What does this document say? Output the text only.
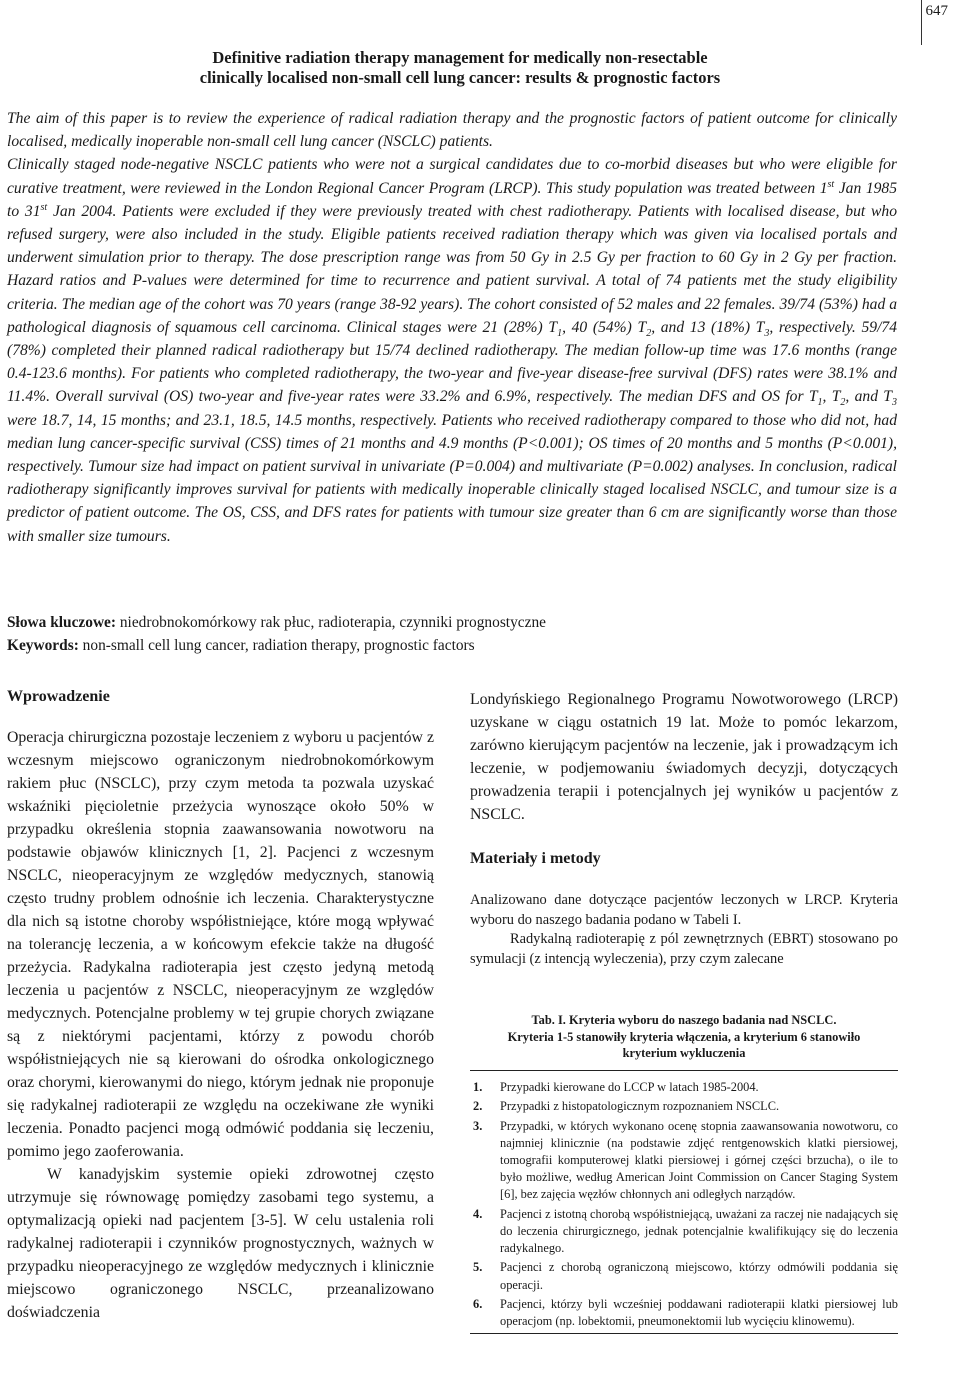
647
Definitive radiation therapy management for medically non-resectable
clinically localised non-small cell lung cancer: results & prognostic factors
The aim of this paper is to review the experience of radical radiation therapy and the prognostic factors of patient outcome for clinically localised, medically inoperable non-small cell lung cancer (NSCLC) patients.
Clinically staged node-negative NSCLC patients who were not a surgical candidates due to co-morbid diseases but who were eligible for curative treatment, were reviewed in the London Regional Cancer Program (LRCP). This study population was treated between 1st Jan 1985 to 31st Jan 2004. Patients were excluded if they were previously treated with chest radiotherapy. Patients with localised disease, but who refused surgery, were also included in the study. Eligible patients received radiation therapy which was given via localised portals and underwent simulation prior to therapy. The dose prescription range was from 50 Gy in 2.5 Gy per fraction to 60 Gy in 2 Gy per fraction. Hazard ratios and P-values were determined for time to recurrence and patient survival. A total of 74 patients met the study eligibility criteria. The median age of the cohort was 70 years (range 38-92 years). The cohort consisted of 52 males and 22 females. 39/74 (53%) had a pathological diagnosis of squamous cell carcinoma. Clinical stages were 21 (28%) $T_1$, 40 (54%) $T_2$, and 13 (18%) $T_3$, respectively. 59/74 (78%) completed their planned radical radiotherapy but 15/74 declined radiotherapy. The median follow-up time was 17.6 months (range 0.4-123.6 months). For patients who completed radiotherapy, the two-year and five-year disease-free survival (DFS) rates were 38.1% and 11.4%. Overall survival (OS) two-year and five-year rates were 33.2% and 6.9%, respectively. The median DFS and OS for $T_1$, $T_2$, and $T_3$ were 18.7, 14, 15 months; and 23.1, 18.5, 14.5 months, respectively. Patients who received radiotherapy compared to those who did not, had median lung cancer-specific survival (CSS) times of 21 months and 4.9 months (P<0.001); OS times of 20 months and 5 months (P<0.001), respectively. Tumour size had impact on patient survival in univariate (P=0.004) and multivariate (P=0.002) analyses. In conclusion, radical radiotherapy significantly improves survival for patients with medically inoperable clinically staged localised NSCLC, and tumour size is a predictor of patient outcome. The OS, CSS, and DFS rates for patients with tumour size greater than 6 cm are significantly worse than those with smaller size tumours.
Słowa kluczowe: niedrobnokomórkowy rak płuc, radioterapia, czynniki prognostyczne
Keywords: non-small cell lung cancer, radiation therapy, prognostic factors
Wprowadzenie

Operacja chirurgiczna pozostaje leczeniem z wyboru u pacjentów z wczesnym miejscowo ograniczonym niedrobnokomórkowym rakiem płuc (NSCLC), przy czym metoda ta pozwala uzyskać wskaźniki pięcioletnie przeżycia wynoszące około 50% w przypadku określenia stopnia zaawansowania nowotworu na podstawie objawów klinicznych [1, 2]. Pacjenci z wczesnym NSCLC, nieoperacyjnym ze względów medycznych, stanowią często trudny problem odnośnie ich leczenia. Charakterystyczne dla nich są istotne choroby współistniejące, które mogą wpływać na tolerancję leczenia, a w końcowym efekcie także na długość przeżycia. Radykalna radioterapia jest często jedyną metodą leczenia u pacjentów z NSCLC, nieoperacyjnym ze względów medycznych. Potencjalne problemy w tej grupie chorych związane są z niektórymi pacjentami, którzy z powodu chorób współistniejących nie są kierowani do ośrodka onkologicznego oraz chorymi, kierowanymi do niego, którym jednak nie proponuje się radykalnej radioterapii ze względu na oczekiwane złe wyniki leczenia. Ponadto pacjenci mogą odmówić poddania się leczeniu, pomimo jego zaoferowania.

W kanadyjskim systemie opieki zdrowotnej często utrzymuje się równowagę pomiędzy zasobami tego systemu, a optymalizacją opieki nad pacjentem [3-5]. W celu ustalenia roli radykalnej radioterapii i czynników prognostycznych, ważnych w przypadku nieoperacyjnego ze względów medycznych i klinicznie miejscowo ograniczonego NSCLC, przeanalizowano doświadczenia

Londyńskiego Regionalnego Programu Nowotworowego (LRCP) uzyskane w ciągu ostatnich 19 lat. Może to pomóc lekarzom, zarówno kierującym pacjentów na leczenie, jak i prowadzącym ich leczenie, w podjemowaniu świadomych decyzji, dotyczących prowadzenia terapii i potencjalnych jej wyników u pacjentów z NSCLC.

Materiały i metody

Analizowano dane dotyczące pacjentów leczonych w LRCP. Kryteria wyboru do naszego badania podano w Tabeli I.

Radykalną radioterapię z pól zewnętrznych (EBRT) stosowano po symulacji (z intencją wyleczenia), przy czym zalecane

Tab. I. Kryteria wyboru do naszego badania nad NSCLC.

Kryteria 1-5 stanowiły kryteria włączenia, a kryterium 6 stanowiło

kryterium wykluczenia

1.	Przypadki kierowane do LCCP w latach 1985-2004.
2.	Przypadki z histopatologicznym rozpoznaniem NSCLC.
3.	Przypadki, w których wykonano ocenę stopnia zaawansowania nowotworu, co najmniej klinicznie (na podstawie zdjęć rentgenowskich klatki piersiowej, tomografii komputerowej klatki piersiowej i górnej części brzucha), o ile to było możliwe, według American Joint Commission on Cancer Staging System [6], bez zajęcia węzłów chłonnych ani odległych narządów.
4.	Pacjenci z istotną chorobą współistniejącą, uważani za raczej nie nadających się do leczenia chirurgicznego, jednak potencjalnie kwalifikujący się do leczenia radykalnego.
5.	Pacjenci z chorobą ograniczoną miejscowo, którzy odmówili poddania się operacji.
6.	Pacjenci, którzy byli wcześniej poddawani radioterapii klatki piersiowej lub operacjom (np. lobektomii, pneumonektomii lub wycięciu klinowemu).
